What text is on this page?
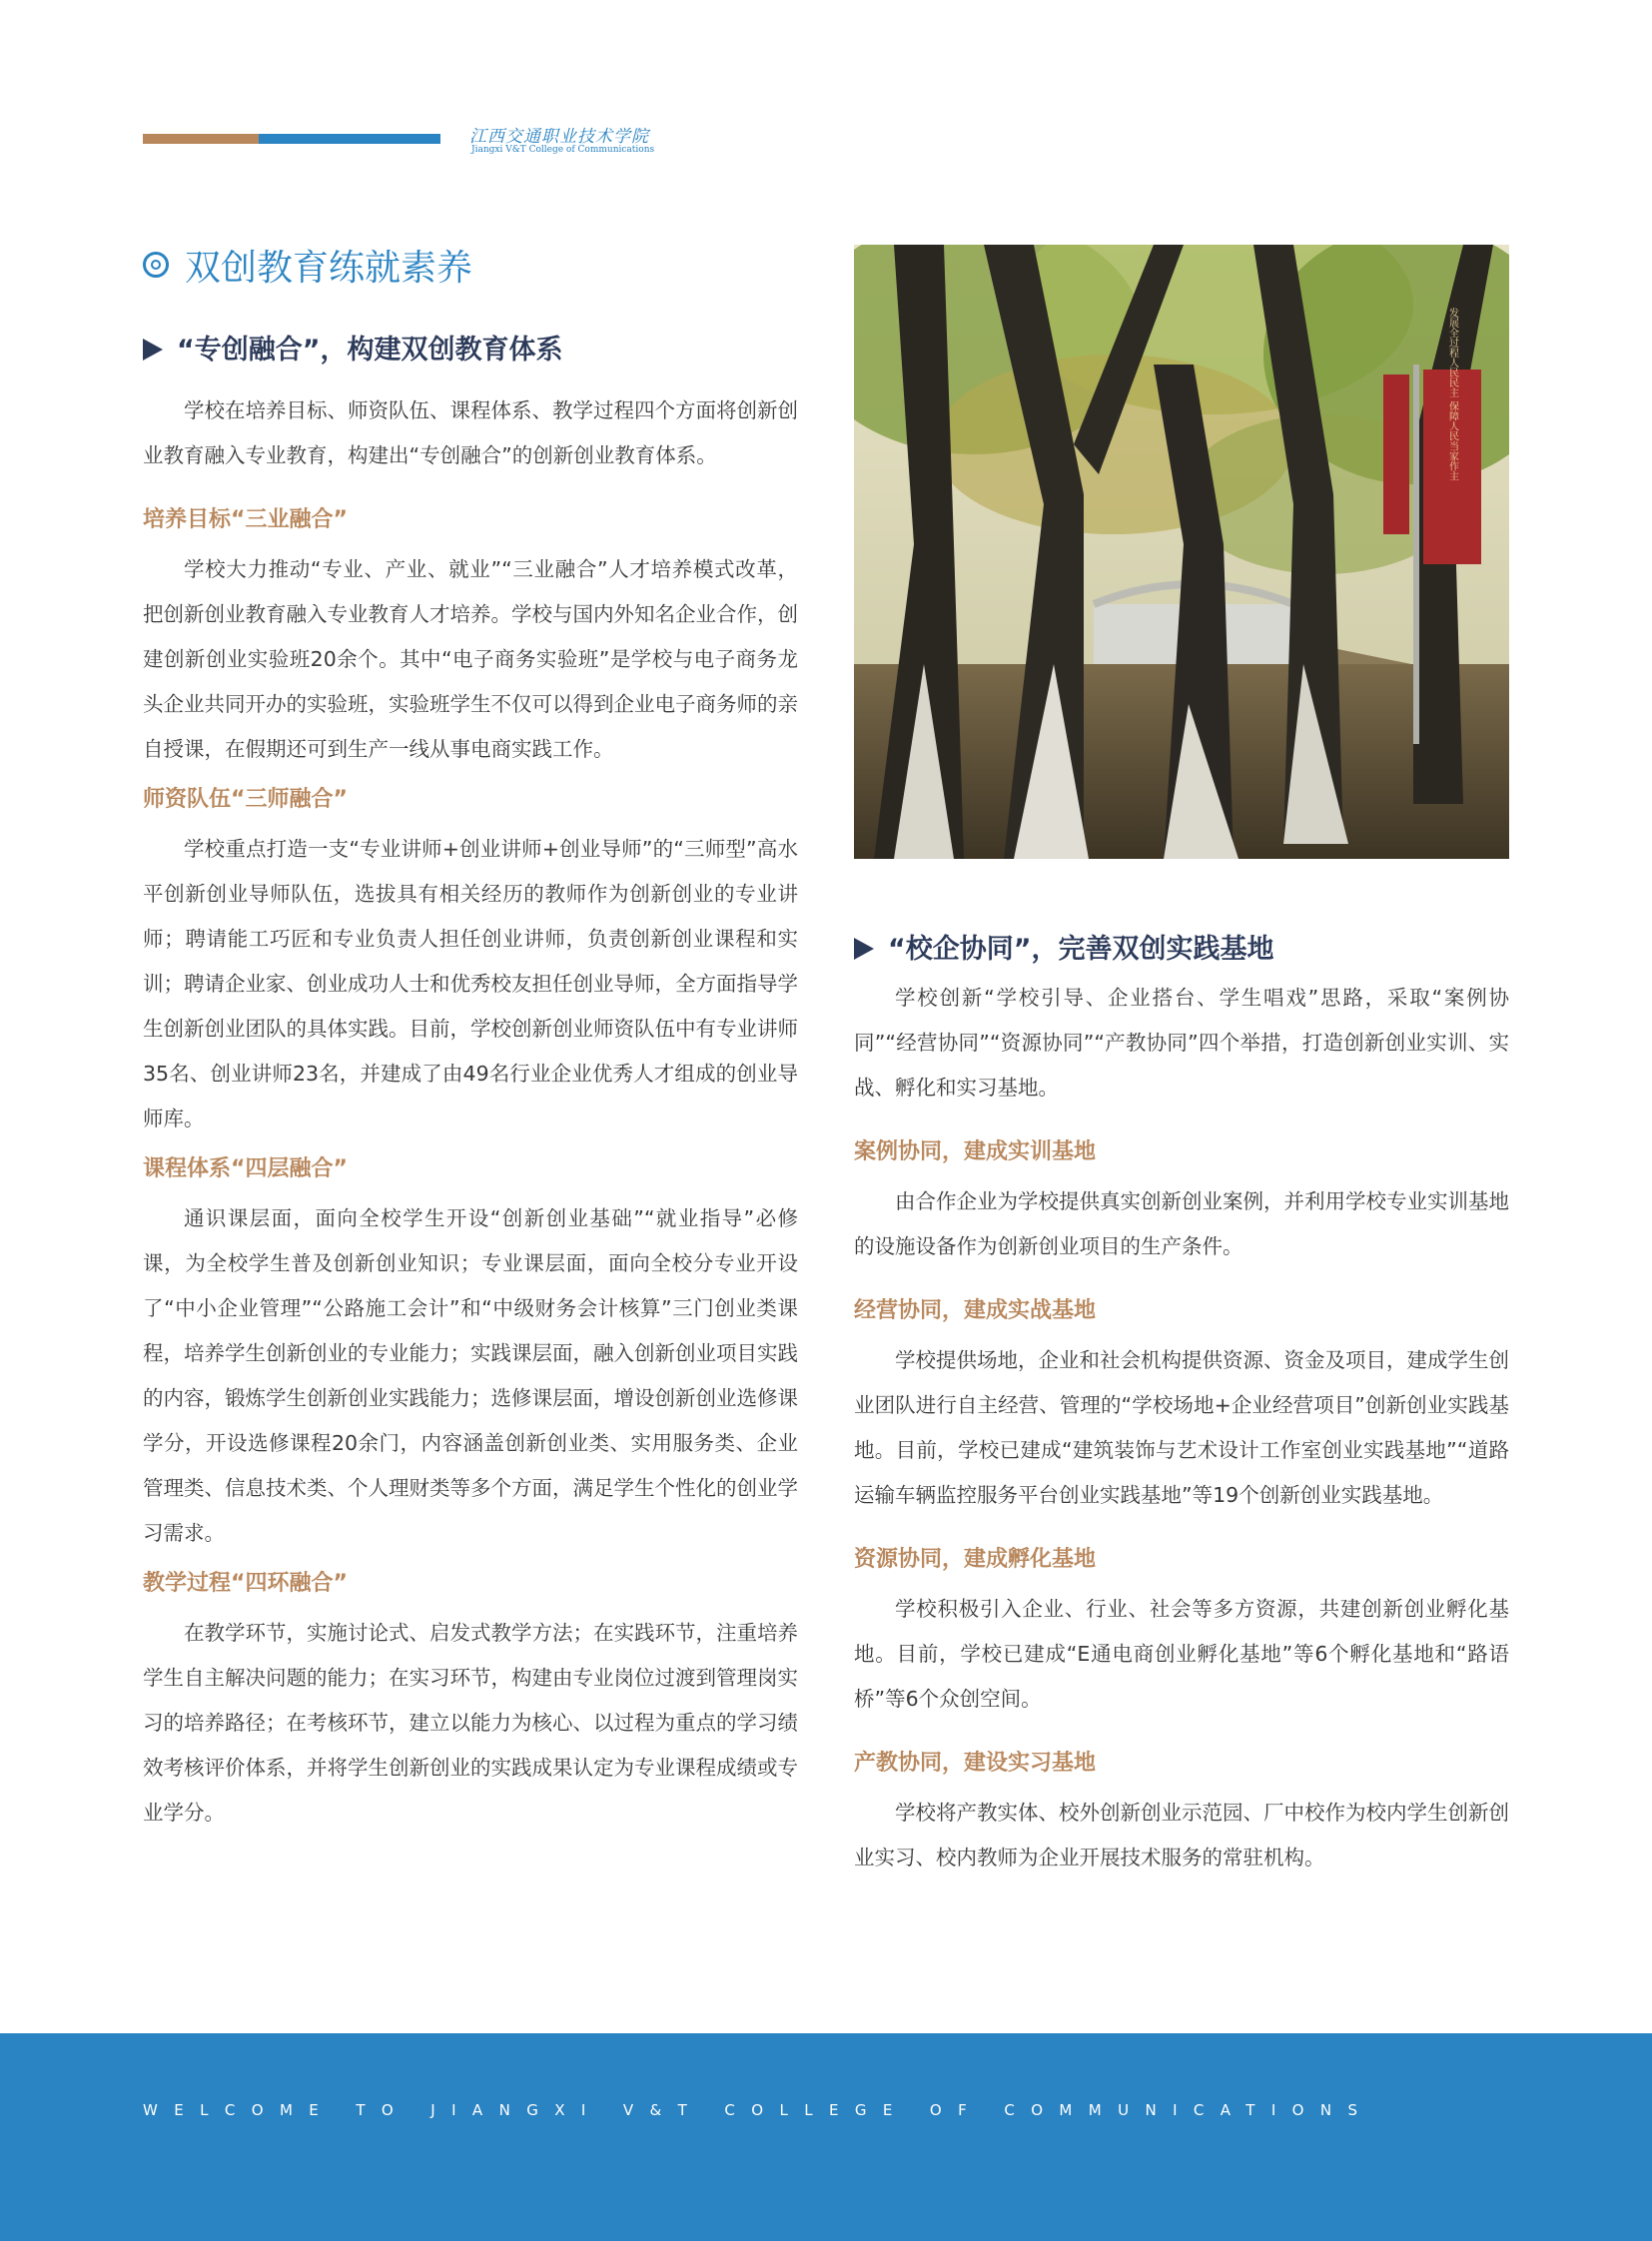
江西交通职业技术学院
Jiangxi V&T College of Communications
双创教育练就素养
“专创融合”，构建双创教育体系

学校在培养目标、师资队伍、课程体系、教学过程四个方面将创新创业教育融入专业教育，构建出“专创融合”的创新创业教育体系。

培养目标“三业融合”

学校大力推动“专业、产业、就业”“三业融合”人才培养模式改革，把创新创业教育融入专业教育人才培养。学校与国内外知名企业合作，创建创新创业实验班20余个。其中“电子商务实验班”是学校与电子商务龙头企业共同开办的实验班，实验班学生不仅可以得到企业电子商务师的亲自授课，在假期还可到生产一线从事电商实践工作。

师资队伍“三师融合”

学校重点打造一支“专业讲师+创业讲师+创业导师”的“三师型”高水平创新创业导师队伍，选拔具有相关经历的教师作为创新创业的专业讲师；聘请能工巧匠和专业负责人担任创业讲师，负责创新创业课程和实训；聘请企业家、创业成功人士和优秀校友担任创业导师，全方面指导学生创新创业团队的具体实践。目前，学校创新创业师资队伍中有专业讲师35名、创业讲师23名，并建成了由49名行业企业优秀人才组成的创业导师库。

课程体系“四层融合”

通识课层面，面向全校学生开设“创新创业基础”“就业指导”必修课，为全校学生普及创新创业知识；专业课层面，面向全校分专业开设了“中小企业管理”“公路施工会计”和“中级财务会计核算”三门创业类课程，培养学生创新创业的专业能力；实践课层面，融入创新创业项目实践的内容，锻炼学生创新创业实践能力；选修课层面，增设创新创业选修课学分，开设选修课程20余门，内容涵盖创新创业类、实用服务类、企业管理类、信息技术类、个人理财类等多个方面，满足学生个性化的创业学习需求。

教学过程“四环融合”

在教学环节，实施讨论式、启发式教学方法；在实践环节，注重培养学生自主解决问题的能力；在实习环节，构建由专业岗位过渡到管理岗实习的培养路径；在考核环节，建立以能力为核心、以过程为重点的学习绩效考核评价体系，并将学生创新创业的实践成果认定为专业课程成绩或专业学分。

发展全过程人民民主 保障人民当家作主
“校企协同”，完善双创实践基地

学校创新“学校引导、企业搭台、学生唱戏”思路，采取“案例协同”“经营协同”“资源协同”“产教协同”四个举措，打造创新创业实训、实战、孵化和实习基地。

案例协同，建成实训基地

由合作企业为学校提供真实创新创业案例，并利用学校专业实训基地的设施设备作为创新创业项目的生产条件。

经营协同，建成实战基地

学校提供场地，企业和社会机构提供资源、资金及项目，建成学生创业团队进行自主经营、管理的“学校场地+企业经营项目”创新创业实践基地。目前，学校已建成“建筑装饰与艺术设计工作室创业实践基地”“道路运输车辆监控服务平台创业实践基地”等19个创新创业实践基地。

资源协同，建成孵化基地

学校积极引入企业、行业、社会等多方资源，共建创新创业孵化基地。目前，学校已建成“E通电商创业孵化基地”等6个孵化基地和“路语桥”等6个众创空间。

产教协同，建设实习基地

学校将产教实体、校外创新创业示范园、厂中校作为校内学生创新创业实习、校内教师为企业开展技术服务的常驻机构。

WELCOME TO JIANGXI V&T COLLEGE OF COMMUNICATIONS
